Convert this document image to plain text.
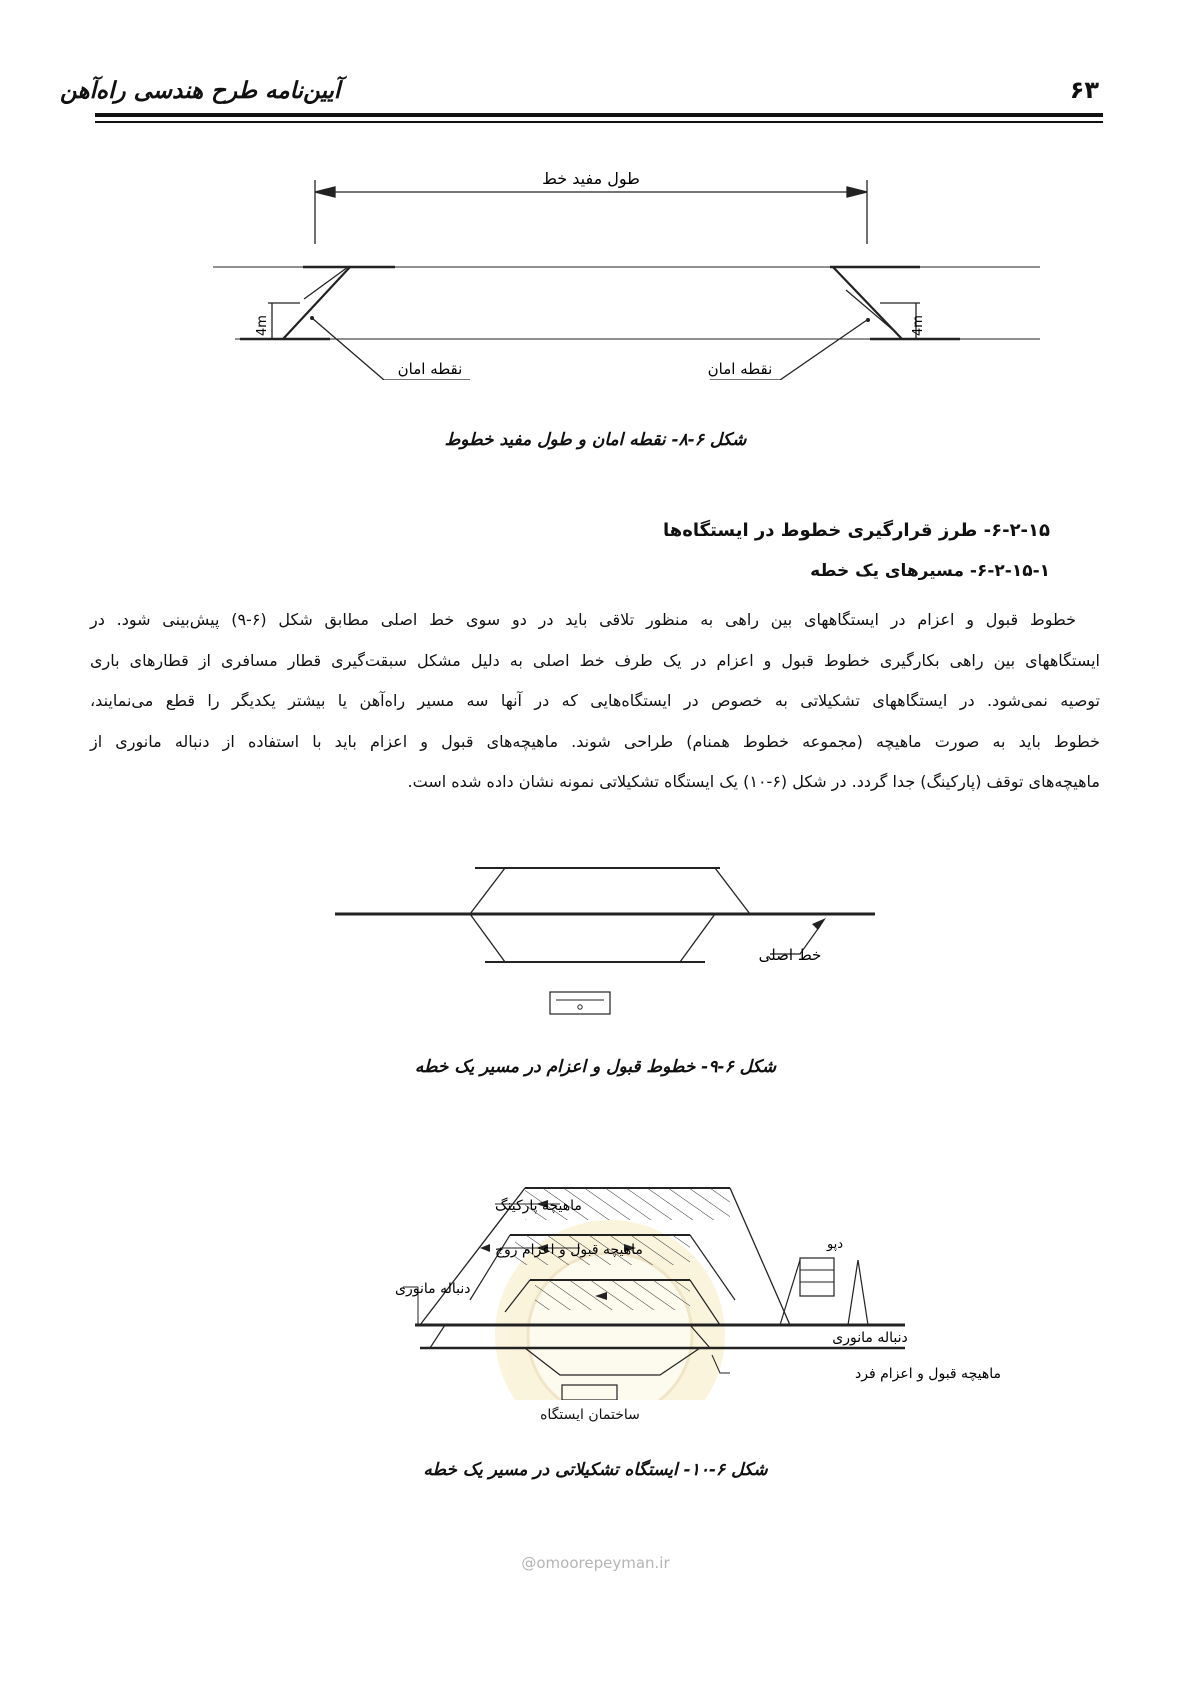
آیین‌نامه طرح هندسی راه‌آهن	۶۳
طول مفید خط
4m	4m
نقطه امان	نقطه امان
شکل ۶-۸- نقطه امان و طول مفید خطوط
۶-۲-۱۵- طرز قرارگیری خطوط در ایستگاه‌ها
۶-۲-۱۵-۱- مسیرهای یک خطه
خطوط قبول و اعزام در ایستگاههای بین راهی به منظور تلاقی باید در دو سوی خط اصلی مطابق شکل (۶-۹) پیش‌بینی شود. در
ایستگاههای بین راهی بکارگیری خطوط قبول و اعزام در یک طرف خط اصلی به دلیل مشکل سبقت‌گیری قطار مسافری از قطارهای باری
توصیه نمی‌شود. در ایستگاههای تشکیلاتی به خصوص در ایستگاه‌هایی که در آنها سه مسیر راه‌آهن یا بیشتر یکدیگر را قطع می‌نمایند،
خطوط باید به صورت ماهیچه (مجموعه خطوط همنام) طراحی شوند. ماهیچه‌های قبول و اعزام باید با استفاده از دنباله مانوری از
ماهیچه‌های توقف (پارکینگ) جدا گردد. در شکل (۶-۱۰) یک ایستگاه تشکیلاتی نمونه نشان داده شده است.
خط اصلی
شکل ۶-۹- خطوط قبول و اعزام در مسیر یک خطه
ماهیچه پارکینگ
ماهیچه قبول و اعزام زوج
دنباله مانوری
دپو
دنباله مانوری
ماهیچه قبول و اعزام فرد
ساختمان ایستگاه
شکل ۶-۱۰- ایستگاه تشکیلاتی در مسیر یک خطه
@omoorepeyman.ir
